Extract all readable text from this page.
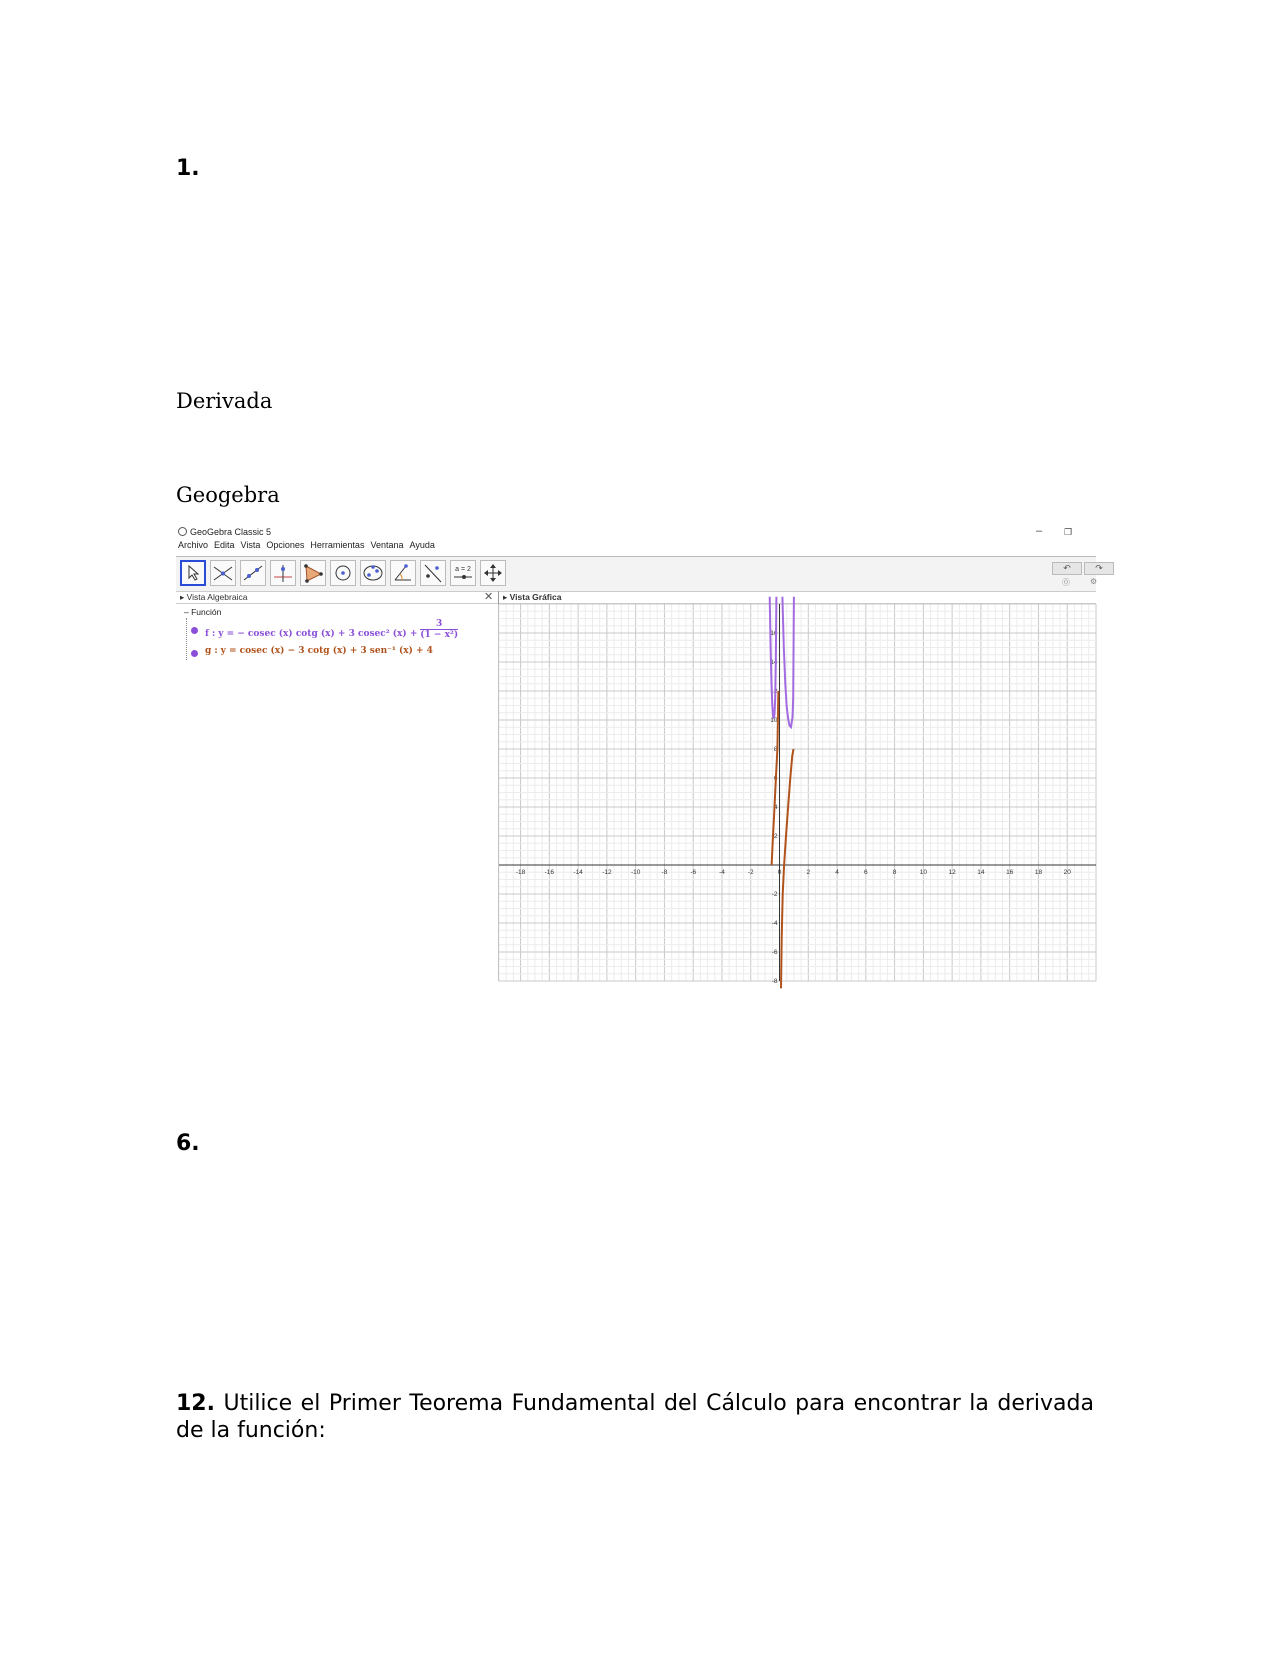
1.
Derivada
Geogebra
GeoGebra Classic 5	– ❐
Archivo Edita Vista Opciones Herramientas Ventana Ayuda
a = 2	↶	↷
⓪	⚙
▸ Vista Algebraica	✕
– Función
f : y = − cosec (x) cotg (x) + 3 cosec² $(x) + \frac{3}{\text{(1 − x²)}}$
g : y = cosec (x) − 3 cotg (x) + 3 sen⁻¹ (x) + 4
▸ Vista Gráfica
-18	-16	-14	-12	-10	-8	-6	-4	-2	0	2	4	6	8	10	12	14	16	18	20
-8
-6
-4
-2
2
4
6
8
10
12
14
16
6.
12. Utilice el Primer Teorema Fundamental del Cálculo para encontrar la derivada de la función:
